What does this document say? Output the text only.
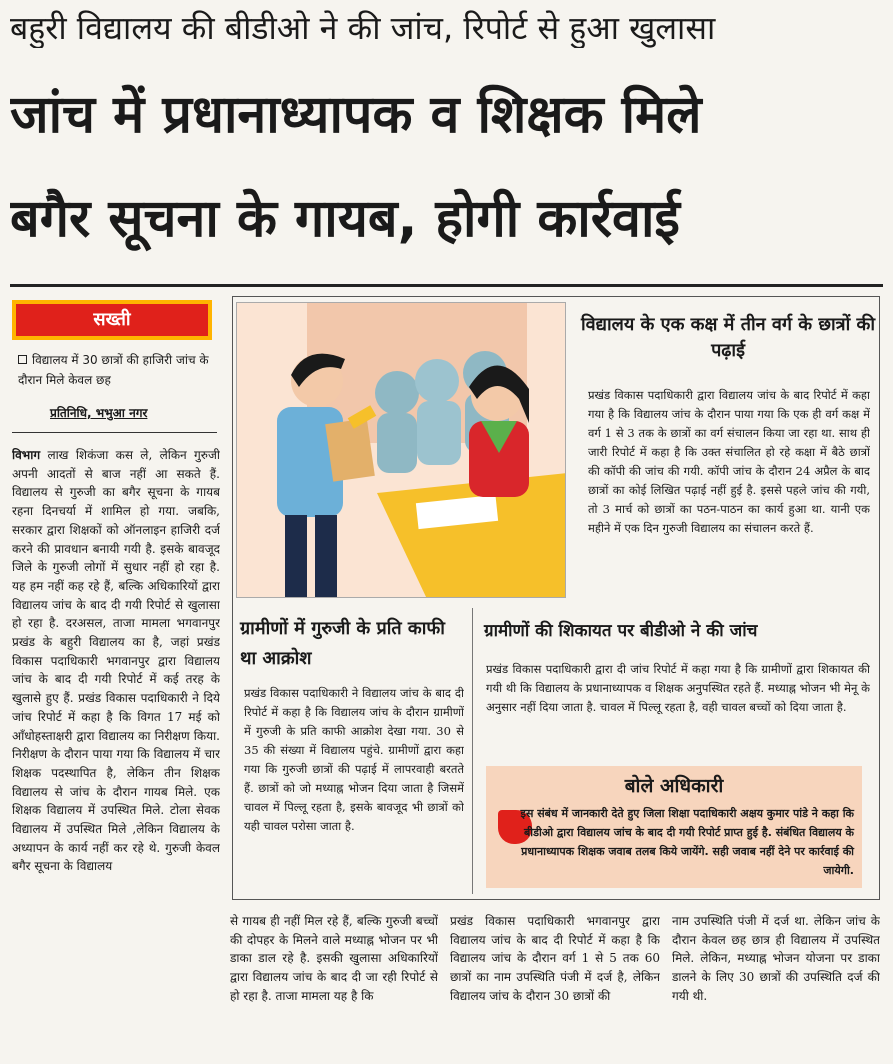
बहुरी विद्यालय की बीडीओ ने की जांच, रिपोर्ट से हुआ खुलासा
जांच में प्रधानाध्यापक व शिक्षक मिले
बगैर सूचना के गायब, होगी कार्रवाई
सख्ती
विद्यालय में 30 छात्रों की हाजिरी जांच के दौरान मिले केवल छह
प्रतिनिधि, भभुआ नगर
विभाग लाख शिकंजा कस ले, लेकिन गुरुजी अपनी आदतों से बाज नहीं आ सकते हैं. विद्यालय से गुरुजी का बगैर सूचना के गायब रहना दिनचर्या में शामिल हो गया. जबकि, सरकार द्वारा शिक्षकों को ऑनलाइन हाजिरी दर्ज करने की प्रावधान बनायी गयी है. इसके बावजूद जिले के गुरुजी लोगों में सुधार नहीं हो रहा है. यह हम नहीं कह रहे हैं, बल्कि अधिकारियों द्वारा विद्यालय जांच के बाद दी गयी रिपोर्ट से खुलासा हो रहा है. दरअसल, ताजा मामला भगवानपुर प्रखंड के बहुरी विद्यालय का है, जहां प्रखंड विकास पदाधिकारी भगवानपुर द्वारा विद्यालय जांच के बाद दी गयी रिपोर्ट में कई तरह के खुलासे हुए हैं. प्रखंड विकास पदाधिकारी ने दिये जांच रिपोर्ट में कहा है कि विगत 17 मई को आँधोहस्ताक्षरी द्वारा विद्यालय का निरीक्षण किया. निरीक्षण के दौरान पाया गया कि विद्यालय में चार शिक्षक पदस्थापित है, लेकिन तीन शिक्षक विद्यालय से जांच के दौरान गायब मिले. एक शिक्षक विद्यालय में उपस्थित मिले. टोला सेवक विद्यालय में उपस्थित मिले ,लेकिन विद्यालय के अध्यापन के कार्य नहीं कर रहे थे. गुरुजी केवल बगैर सूचना के विद्यालय
विद्यालय के एक कक्ष में तीन वर्ग के छात्रों की पढ़ाई
प्रखंड विकास पदाधिकारी द्वारा विद्यालय जांच के बाद रिपोर्ट में कहा गया है कि विद्यालय जांच के दौरान पाया गया कि एक ही वर्ग कक्ष में वर्ग 1 से 3 तक के छात्रों का वर्ग संचालन किया जा रहा था. साथ ही जारी रिपोर्ट में कहा है कि उक्त संचालित हो रहे कक्षा में बैठे छात्रों की कॉपी की जांच की गयी. कॉपी जांच के दौरान 24 अप्रैल के बाद छात्रों का कोई लिखित पढ़ाई नहीं हुई है. इससे पहले जांच की गयी, तो 3 मार्च को छात्रों का पठन-पाठन का कार्य हुआ था. यानी एक महीने में एक दिन गुरुजी विद्यालय का संचालन करते हैं.
ग्रामीणों में गुरुजी के प्रति काफी था आक्रोश
प्रखंड विकास पदाधिकारी ने विद्यालय जांच के बाद दी रिपोर्ट में कहा है कि विद्यालय जांच के दौरान ग्रामीणों में गुरुजी के प्रति काफी आक्रोश देखा गया. 30 से 35 की संख्या में विद्यालय पहुंचे. ग्रामीणों द्वारा कहा गया कि गुरुजी छात्रों की पढ़ाई में लापरवाही बरतते हैं. छात्रों को जो मध्याह्न भोजन दिया जाता है जिसमें चावल में पिल्लू रहता है, इसके बावजूद भी छात्रों को यही चावल परोसा जाता है.
ग्रामीणों की शिकायत पर बीडीओ ने की जांच
प्रखंड विकास पदाधिकारी द्वारा दी जांच रिपोर्ट में कहा गया है कि ग्रामीणों द्वारा शिकायत की गयी थी कि विद्यालय के प्रधानाध्यापक व शिक्षक अनुपस्थित रहते हैं. मध्याह्न भोजन भी मेनू के अनुसार नहीं दिया जाता है. चावल में पिल्लू रहता है, वही चावल बच्चों को दिया जाता है.
बोले अधिकारी
इस संबंध में जानकारी देते हुए जिला शिक्षा पदाधिकारी अक्षय कुमार पांडे ने कहा कि बीडीओ द्वारा विद्यालय जांच के बाद दी गयी रिपोर्ट प्राप्त हुई है. संबंधित विद्यालय के प्रधानाध्यापक शिक्षक जवाब तलब किये जायेंगे. सही जवाब नहीं देने पर कार्रवाई की जायेगी.
से गायब ही नहीं मिल रहे हैं, बल्कि गुरुजी बच्चों की दोपहर के मिलने वाले मध्याह्न भोजन पर भी डाका डाल रहे है. इसकी खुलासा अधिकारियों द्वारा विद्यालय जांच के बाद दी जा रही रिपोर्ट से हो रहा है. ताजा मामला यह है कि
प्रखंड विकास पदाधिकारी भगवानपुर द्वारा विद्यालय जांच के बाद दी रिपोर्ट में कहा है कि विद्यालय जांच के दौरान वर्ग 1 से 5 तक 60 छात्रों का नाम उपस्थिति पंजी में दर्ज है, लेकिन विद्यालय जांच के दौरान 30 छात्रों की
नाम उपस्थिति पंजी में दर्ज था. लेकिन जांच के दौरान केवल छह छात्र ही विद्यालय में उपस्थित मिले. लेकिन, मध्याह्न भोजन योजना पर डाका डालने के लिए 30 छात्रों की उपस्थिति दर्ज की गयी थी.
